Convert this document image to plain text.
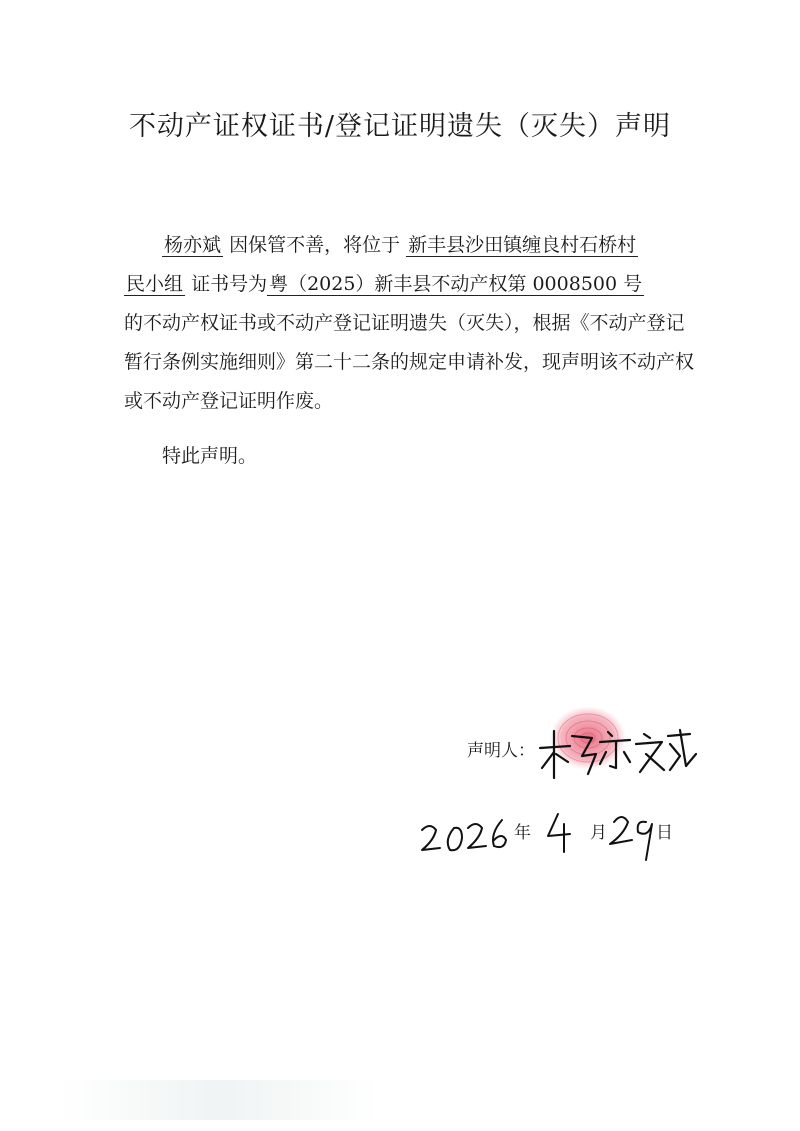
不动产证权证书/登记证明遗失（灭失）声明
杨亦斌 因保管不善，将位于 新丰县沙田镇缠良村石桥村
民小组 证书号为 粤（2025）新丰县不动产权第 0008500 号
的不动产权证书或不动产登记证明遗失（灭失），根据《不动产登记暂行条例实施细则》第二十二条的规定申请补发，现声明该不动产权或不动产登记证明作废。
特此声明。
声明人：
年	月	日
